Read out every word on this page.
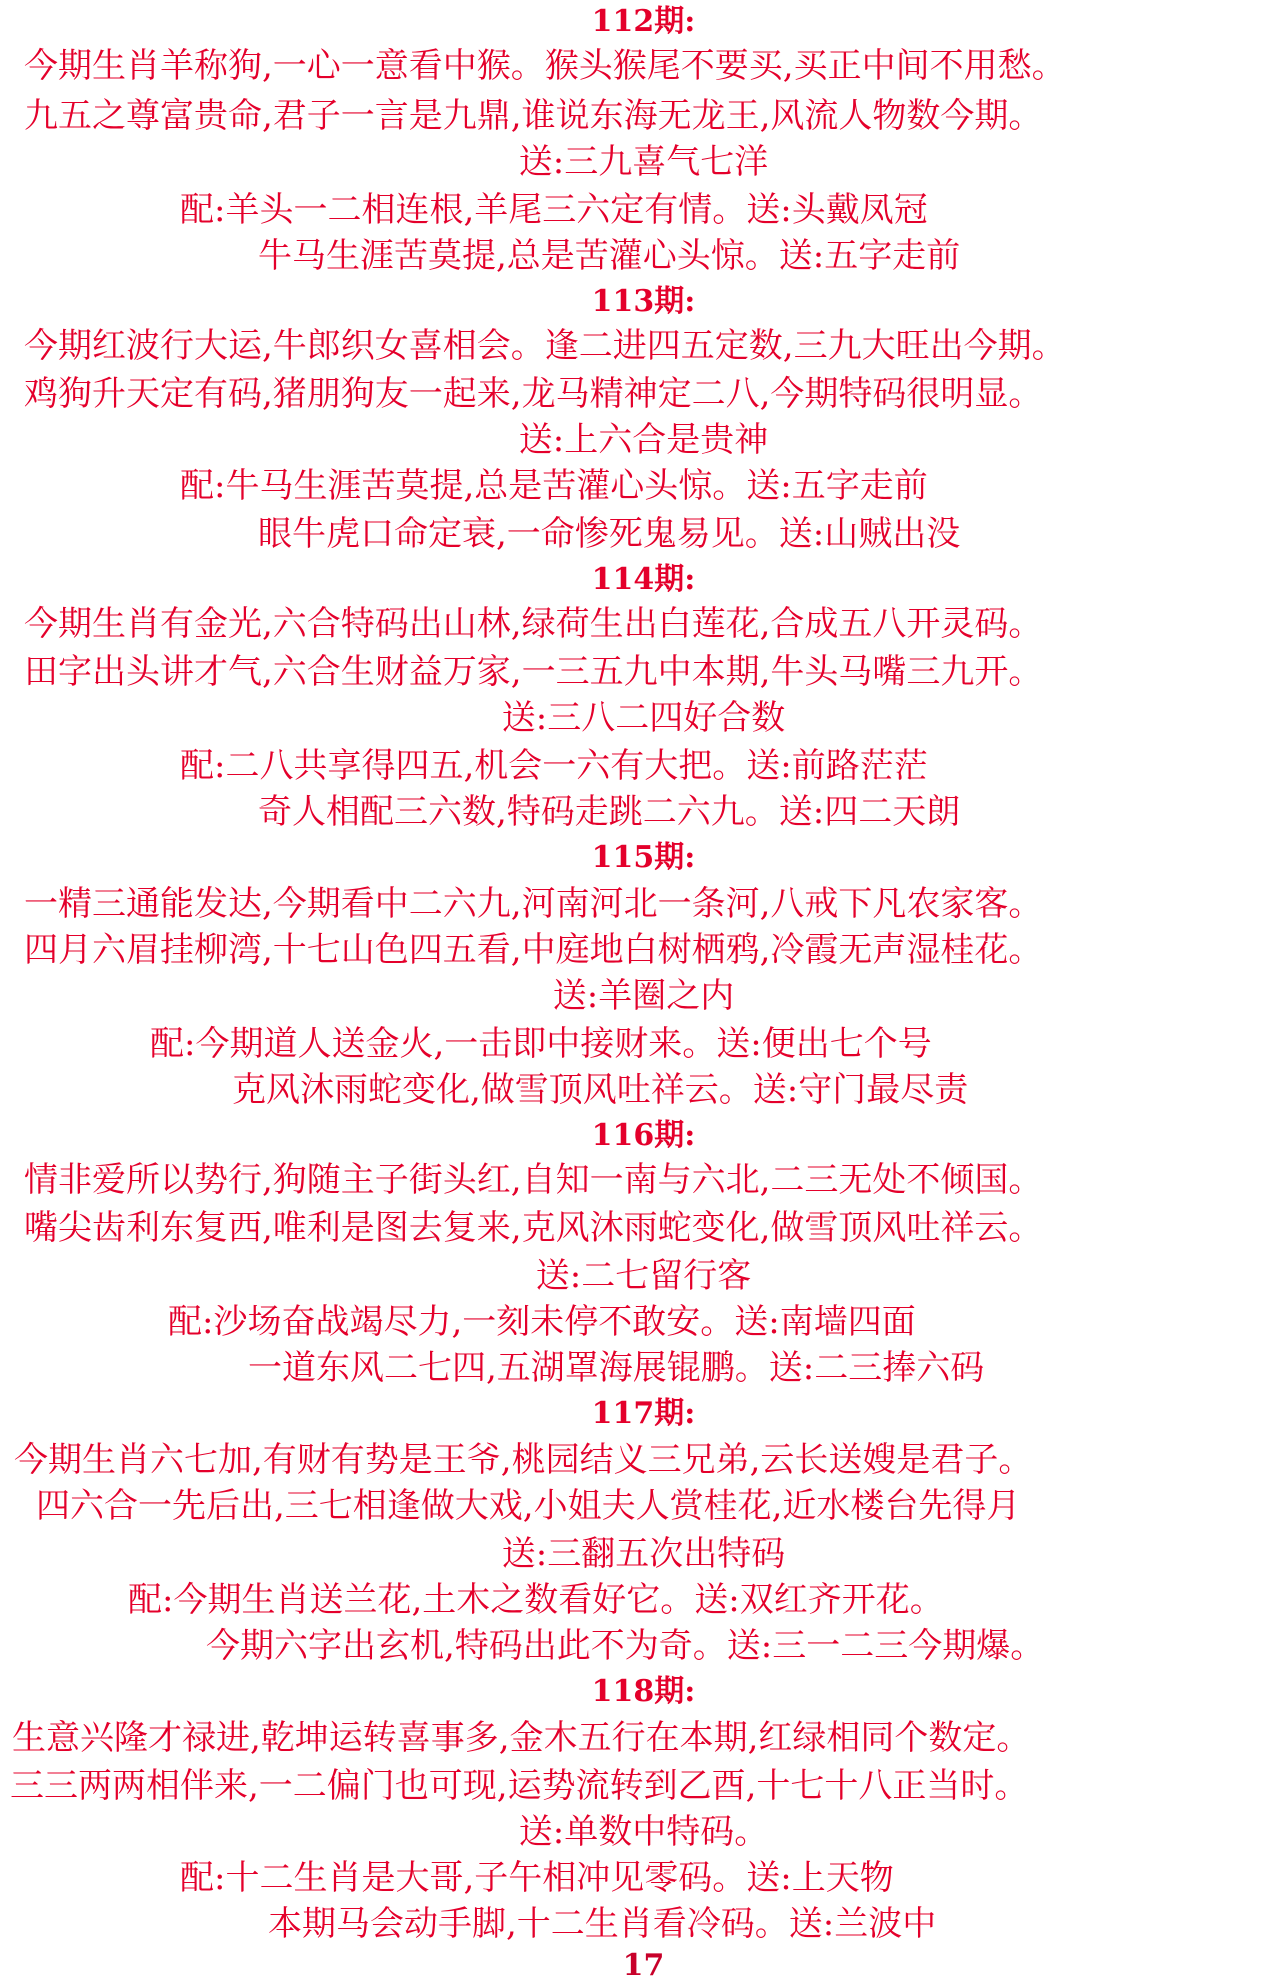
112期:
今期生肖羊称狗,一心一意看中猴。猴头猴尾不要买,买正中间不用愁。
九五之尊富贵命,君子一言是九鼎,谁说东海无龙王,风流人物数今期。
送:三九喜气七洋
配:羊头一二相连根,羊尾三六定有情。送:头戴凤冠
牛马生涯苦莫提,总是苦灌心头惊。送:五字走前
113期:
今期红波行大运,牛郎织女喜相会。逢二进四五定数,三九大旺出今期。
鸡狗升天定有码,猪朋狗友一起来,龙马精神定二八,今期特码很明显。
送:上六合是贵神
配:牛马生涯苦莫提,总是苦灌心头惊。送:五字走前
眼牛虎口命定衰,一命惨死鬼易见。送:山贼出没
114期:
今期生肖有金光,六合特码出山林,绿荷生出白莲花,合成五八开灵码。
田字出头讲才气,六合生财益万家,一三五九中本期,牛头马嘴三九开。
送:三八二四好合数
配:二八共享得四五,机会一六有大把。送:前路茫茫
奇人相配三六数,特码走跳二六九。送:四二天朗
115期:
一精三通能发达,今期看中二六九,河南河北一条河,八戒下凡农家客。
四月六眉挂柳湾,十七山色四五看,中庭地白树栖鸦,冷霞无声湿桂花。
送:羊圈之内
配:今期道人送金火,一击即中接财来。送:便出七个号
克风沐雨蛇变化,做雪顶风吐祥云。送:守门最尽责
116期:
情非爱所以势行,狗随主子街头红,自知一南与六北,二三无处不倾国。
嘴尖齿利东复西,唯利是图去复来,克风沐雨蛇变化,做雪顶风吐祥云。
送:二七留行客
配:沙场奋战竭尽力,一刻未停不敢安。送:南墙四面
一道东风二七四,五湖罩海展锟鹏。送:二三捧六码
117期:
今期生肖六七加,有财有势是王爷,桃园结义三兄弟,云长送嫂是君子。
四六合一先后出,三七相逢做大戏,小姐夫人赏桂花,近水楼台先得月
送:三翻五次出特码
配:今期生肖送兰花,土木之数看好它。送:双红齐开花。
今期六字出玄机,特码出此不为奇。送:三一二三今期爆。
118期:
生意兴隆才禄进,乾坤运转喜事多,金木五行在本期,红绿相同个数定。
三三两两相伴来,一二偏门也可现,运势流转到乙酉,十七十八正当时。
送:单数中特码。
配:十二生肖是大哥,子午相冲见零码。送:上天物
本期马会动手脚,十二生肖看冷码。送:兰波中
17
